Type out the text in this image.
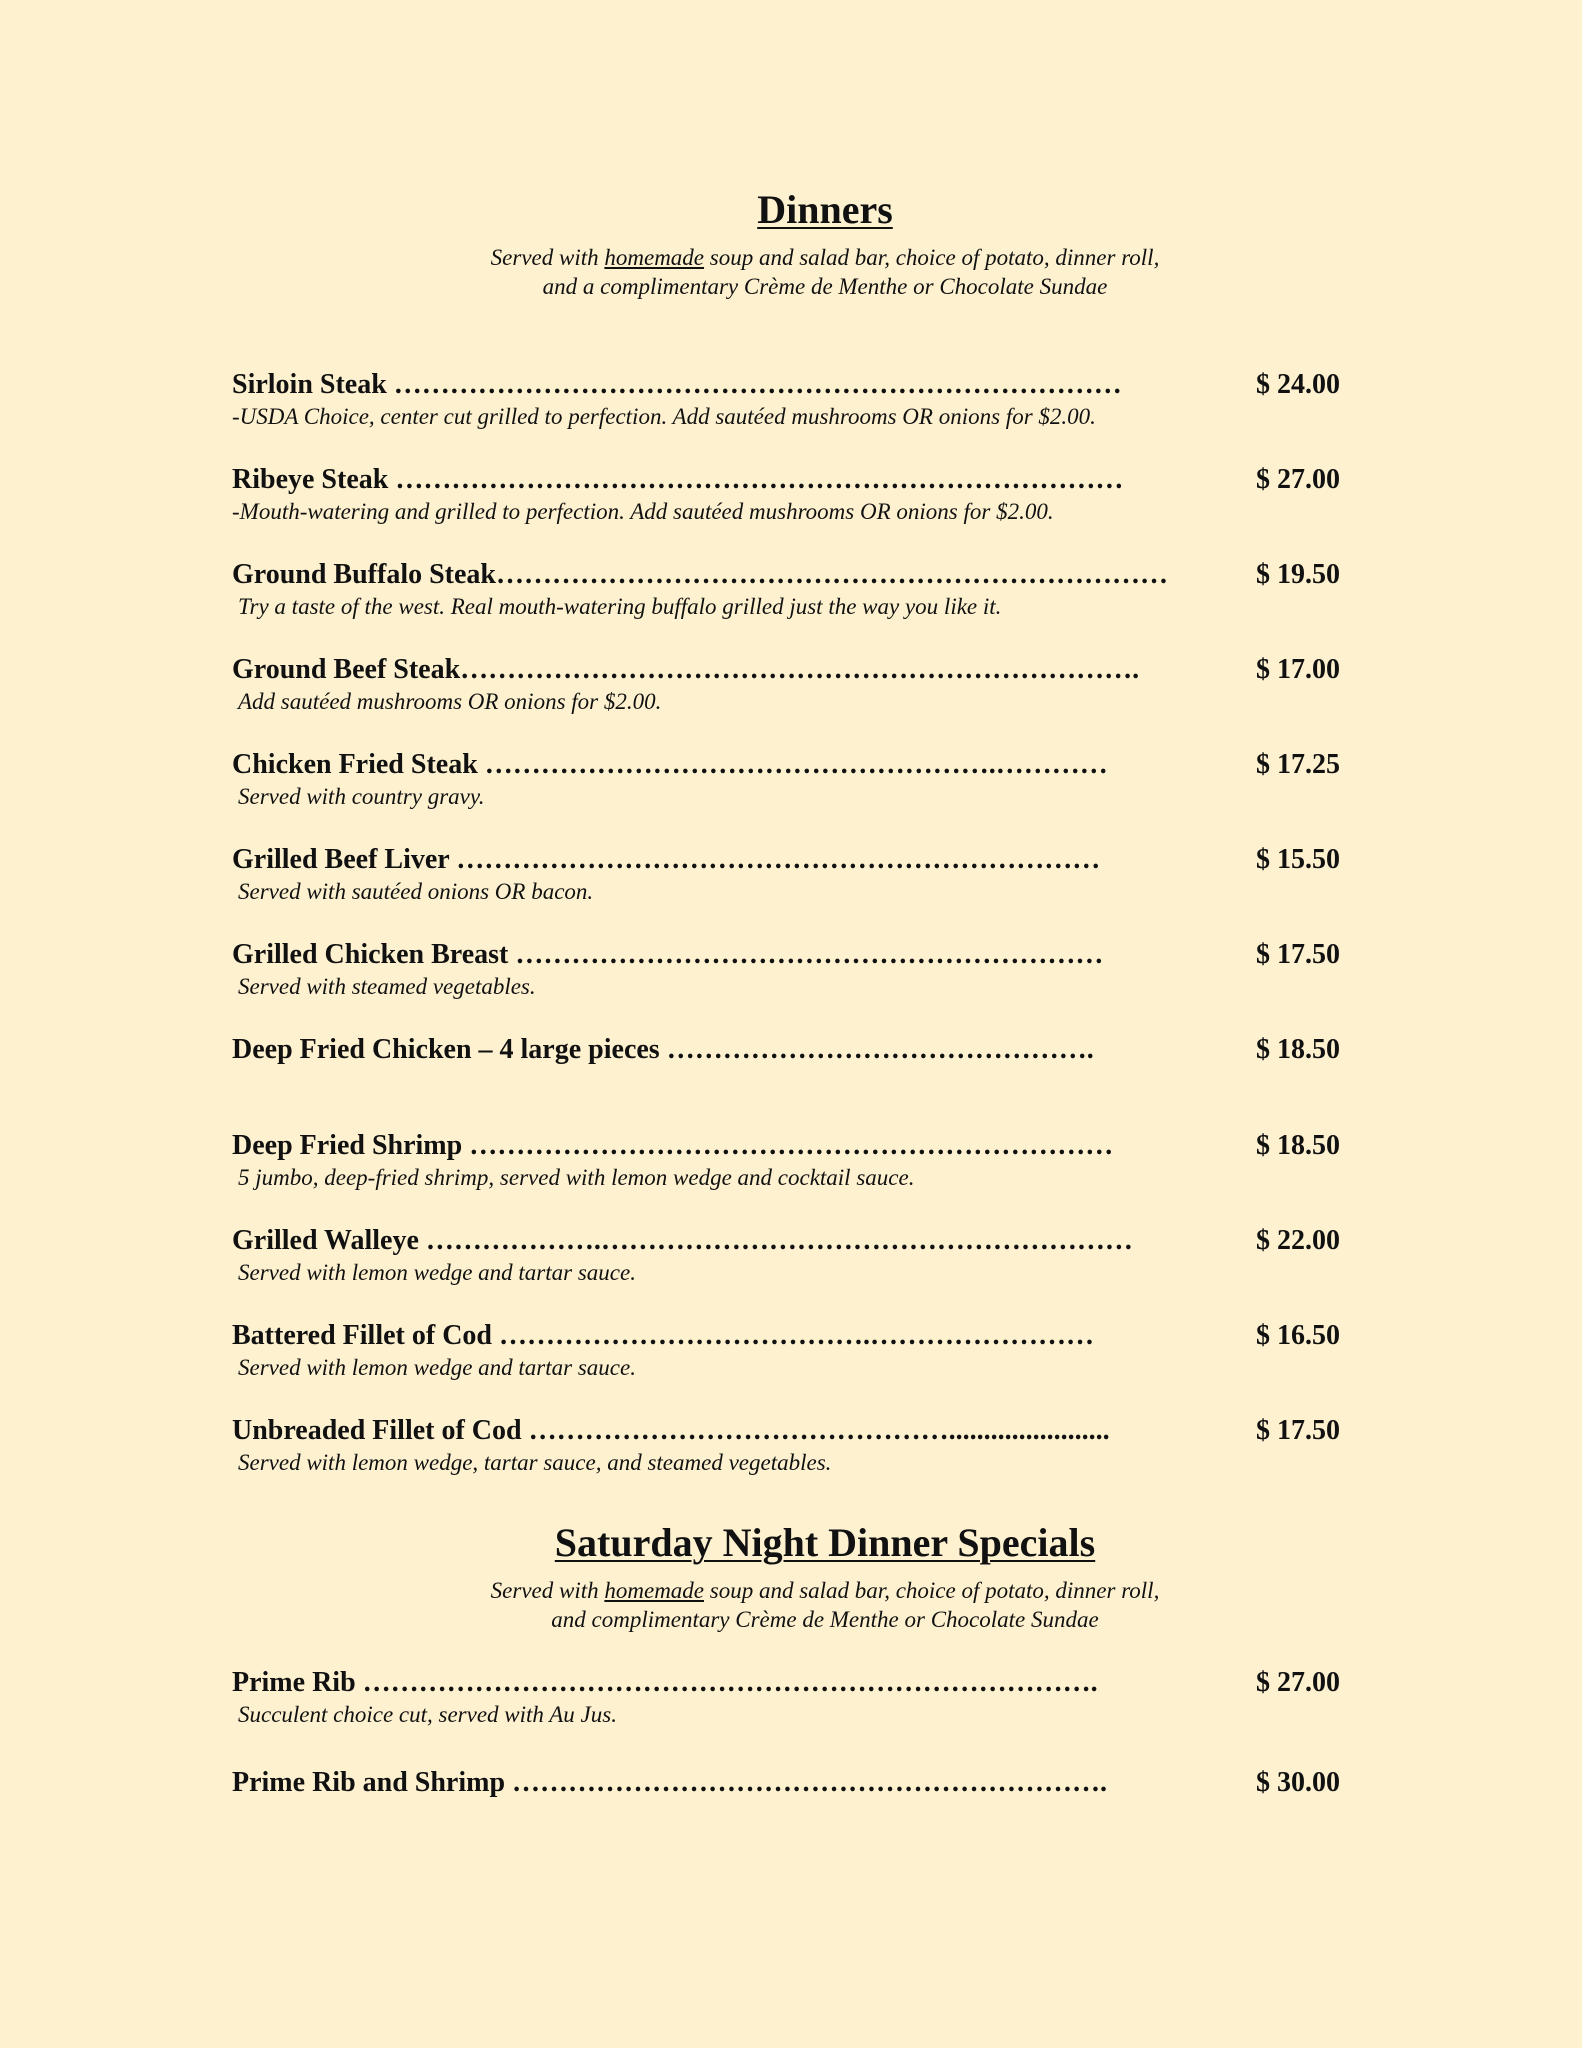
Dinners
Served with homemade soup and salad bar, choice of potato, dinner roll,
and a complimentary Crème de Menthe or Chocolate Sundae
Sirloin Steak ……………………………………………………………………	$ 24.00
-USDA Choice, center cut grilled to perfection. Add sautéed mushrooms OR onions for $2.00.
Ribeye Steak ……………………………………………………………………	$ 27.00
-Mouth-watering and grilled to perfection. Add sautéed mushrooms OR onions for $2.00.
Ground Buffalo Steak………………………………………………………………	$ 19.50
Try a taste of the west. Real mouth-watering buffalo grilled just the way you like it.
Ground Beef Steak……………………………………………………………….	$ 17.00
Add sautéed mushrooms OR onions for $2.00.
Chicken Fried Steak ……………………………………………….…………	$ 17.25
Served with country gravy.
Grilled Beef Liver ……………………………………………………………	$ 15.50
Served with sautéed onions OR bacon.
Grilled Chicken Breast ………………………………………………………	$ 17.50
Served with steamed vegetables.
Deep Fried Chicken – 4 large pieces ……………………………………….	$ 18.50
Deep Fried Shrimp ……………………………………………………………	$ 18.50
5 jumbo, deep-fried shrimp, served with lemon wedge and cocktail sauce.
Grilled Walleye ……………….…………………………………………………	$ 22.00
Served with lemon wedge and tartar sauce.
Battered Fillet of Cod ………………………………….……………………	$ 16.50
Served with lemon wedge and tartar sauce.
Unbreaded Fillet of Cod ……………………………………….......................	$ 17.50
Served with lemon wedge, tartar sauce, and steamed vegetables.
Saturday Night Dinner Specials
Served with homemade soup and salad bar, choice of potato, dinner roll,
and complimentary Crème de Menthe or Chocolate Sundae
Prime Rib …………………………………………………………………….	$ 27.00
Succulent choice cut, served with Au Jus.
Prime Rib and Shrimp ……………………………………………………….	$ 30.00
